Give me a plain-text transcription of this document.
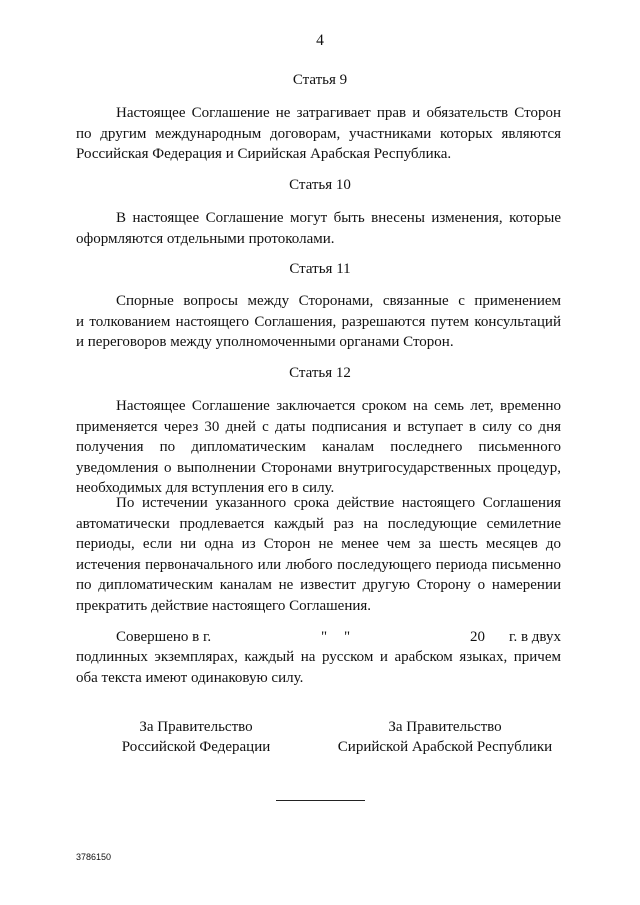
4
Статья 9
Настоящее Соглашение не затрагивает прав и обязательств Сторон
по другим международным договорам, участниками которых являются
Российская Федерация и Сирийская Арабская Республика.
Статья 10
В настоящее Соглашение могут быть внесены изменения, которые
оформляются отдельными протоколами.
Статья 11
Спорные вопросы между Сторонами, связанные с применением
и толкованием настоящего Соглашения, разрешаются путем консультаций
и переговоров между уполномоченными органами Сторон.
Статья 12
Настоящее Соглашение заключается сроком на семь лет, временно
применяется через 30 дней с даты подписания и вступает в силу со дня
получения по дипломатическим каналам последнего письменного
уведомления о выполнении Сторонами внутригосударственных процедур,
необходимых для вступления его в силу.
По истечении указанного срока действие настоящего Соглашения
автоматически продлевается каждый раз на последующие семилетние
периоды, если ни одна из Сторон не менее чем за шесть месяцев до
истечения первоначального или любого последующего периода письменно
по дипломатическим каналам не известит другую Сторону о намерении
прекратить действие настоящего Соглашения.
Совершено в г.	" "	20 г. в двух
подлинных экземплярах, каждый на русском и арабском языках, причем
оба текста имеют одинаковую силу.
За Правительство
Российской Федерации
За Правительство
Сирийской Арабской Республики
3786150
